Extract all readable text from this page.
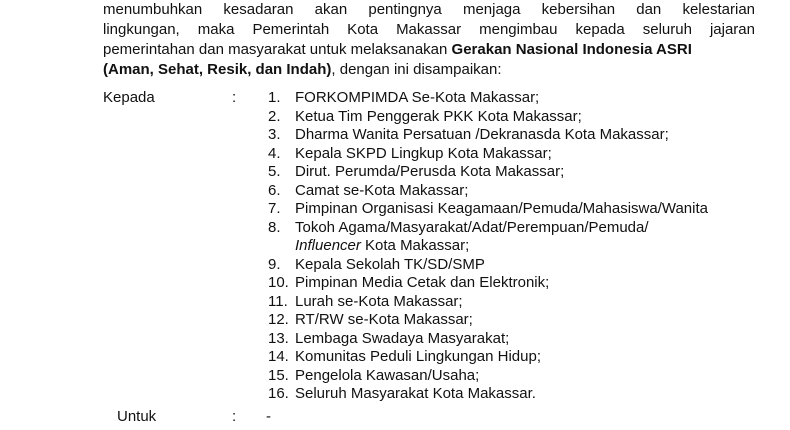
menumbuhkan kesadaran akan pentingnya menjaga kebersihan dan kelestarian
lingkungan, maka Pemerintah Kota Makassar mengimbau kepada seluruh jajaran
pemerintahan dan masyarakat untuk melaksanakan Gerakan Nasional Indonesia ASRI
(Aman, Sehat, Resik, dan Indah), dengan ini disampaikan:
Kepada	: 1. FORKOMPIMDA Se-Kota Makassar;
2. Ketua Tim Penggerak PKK Kota Makassar;
3. Dharma Wanita Persatuan /Dekranasda Kota Makassar;
4. Kepala SKPD Lingkup Kota Makassar;
5. Dirut. Perumda/Perusda Kota Makassar;
6. Camat se-Kota Makassar;
7. Pimpinan Organisasi Keagamaan/Pemuda/Mahasiswa/Wanita
8. Tokoh Agama/Masyarakat/Adat/Perempuan/Pemuda/
Influencer Kota Makassar;
9. Kepala Sekolah TK/SD/SMP
10. Pimpinan Media Cetak dan Elektronik;
11. Lurah se-Kota Makassar;
12. RT/RW se-Kota Makassar;
13. Lembaga Swadaya Masyarakat;
14. Komunitas Peduli Lingkungan Hidup;
15. Pengelola Kawasan/Usaha;
16. Seluruh Masyarakat Kota Makassar.
Untuk	: -
